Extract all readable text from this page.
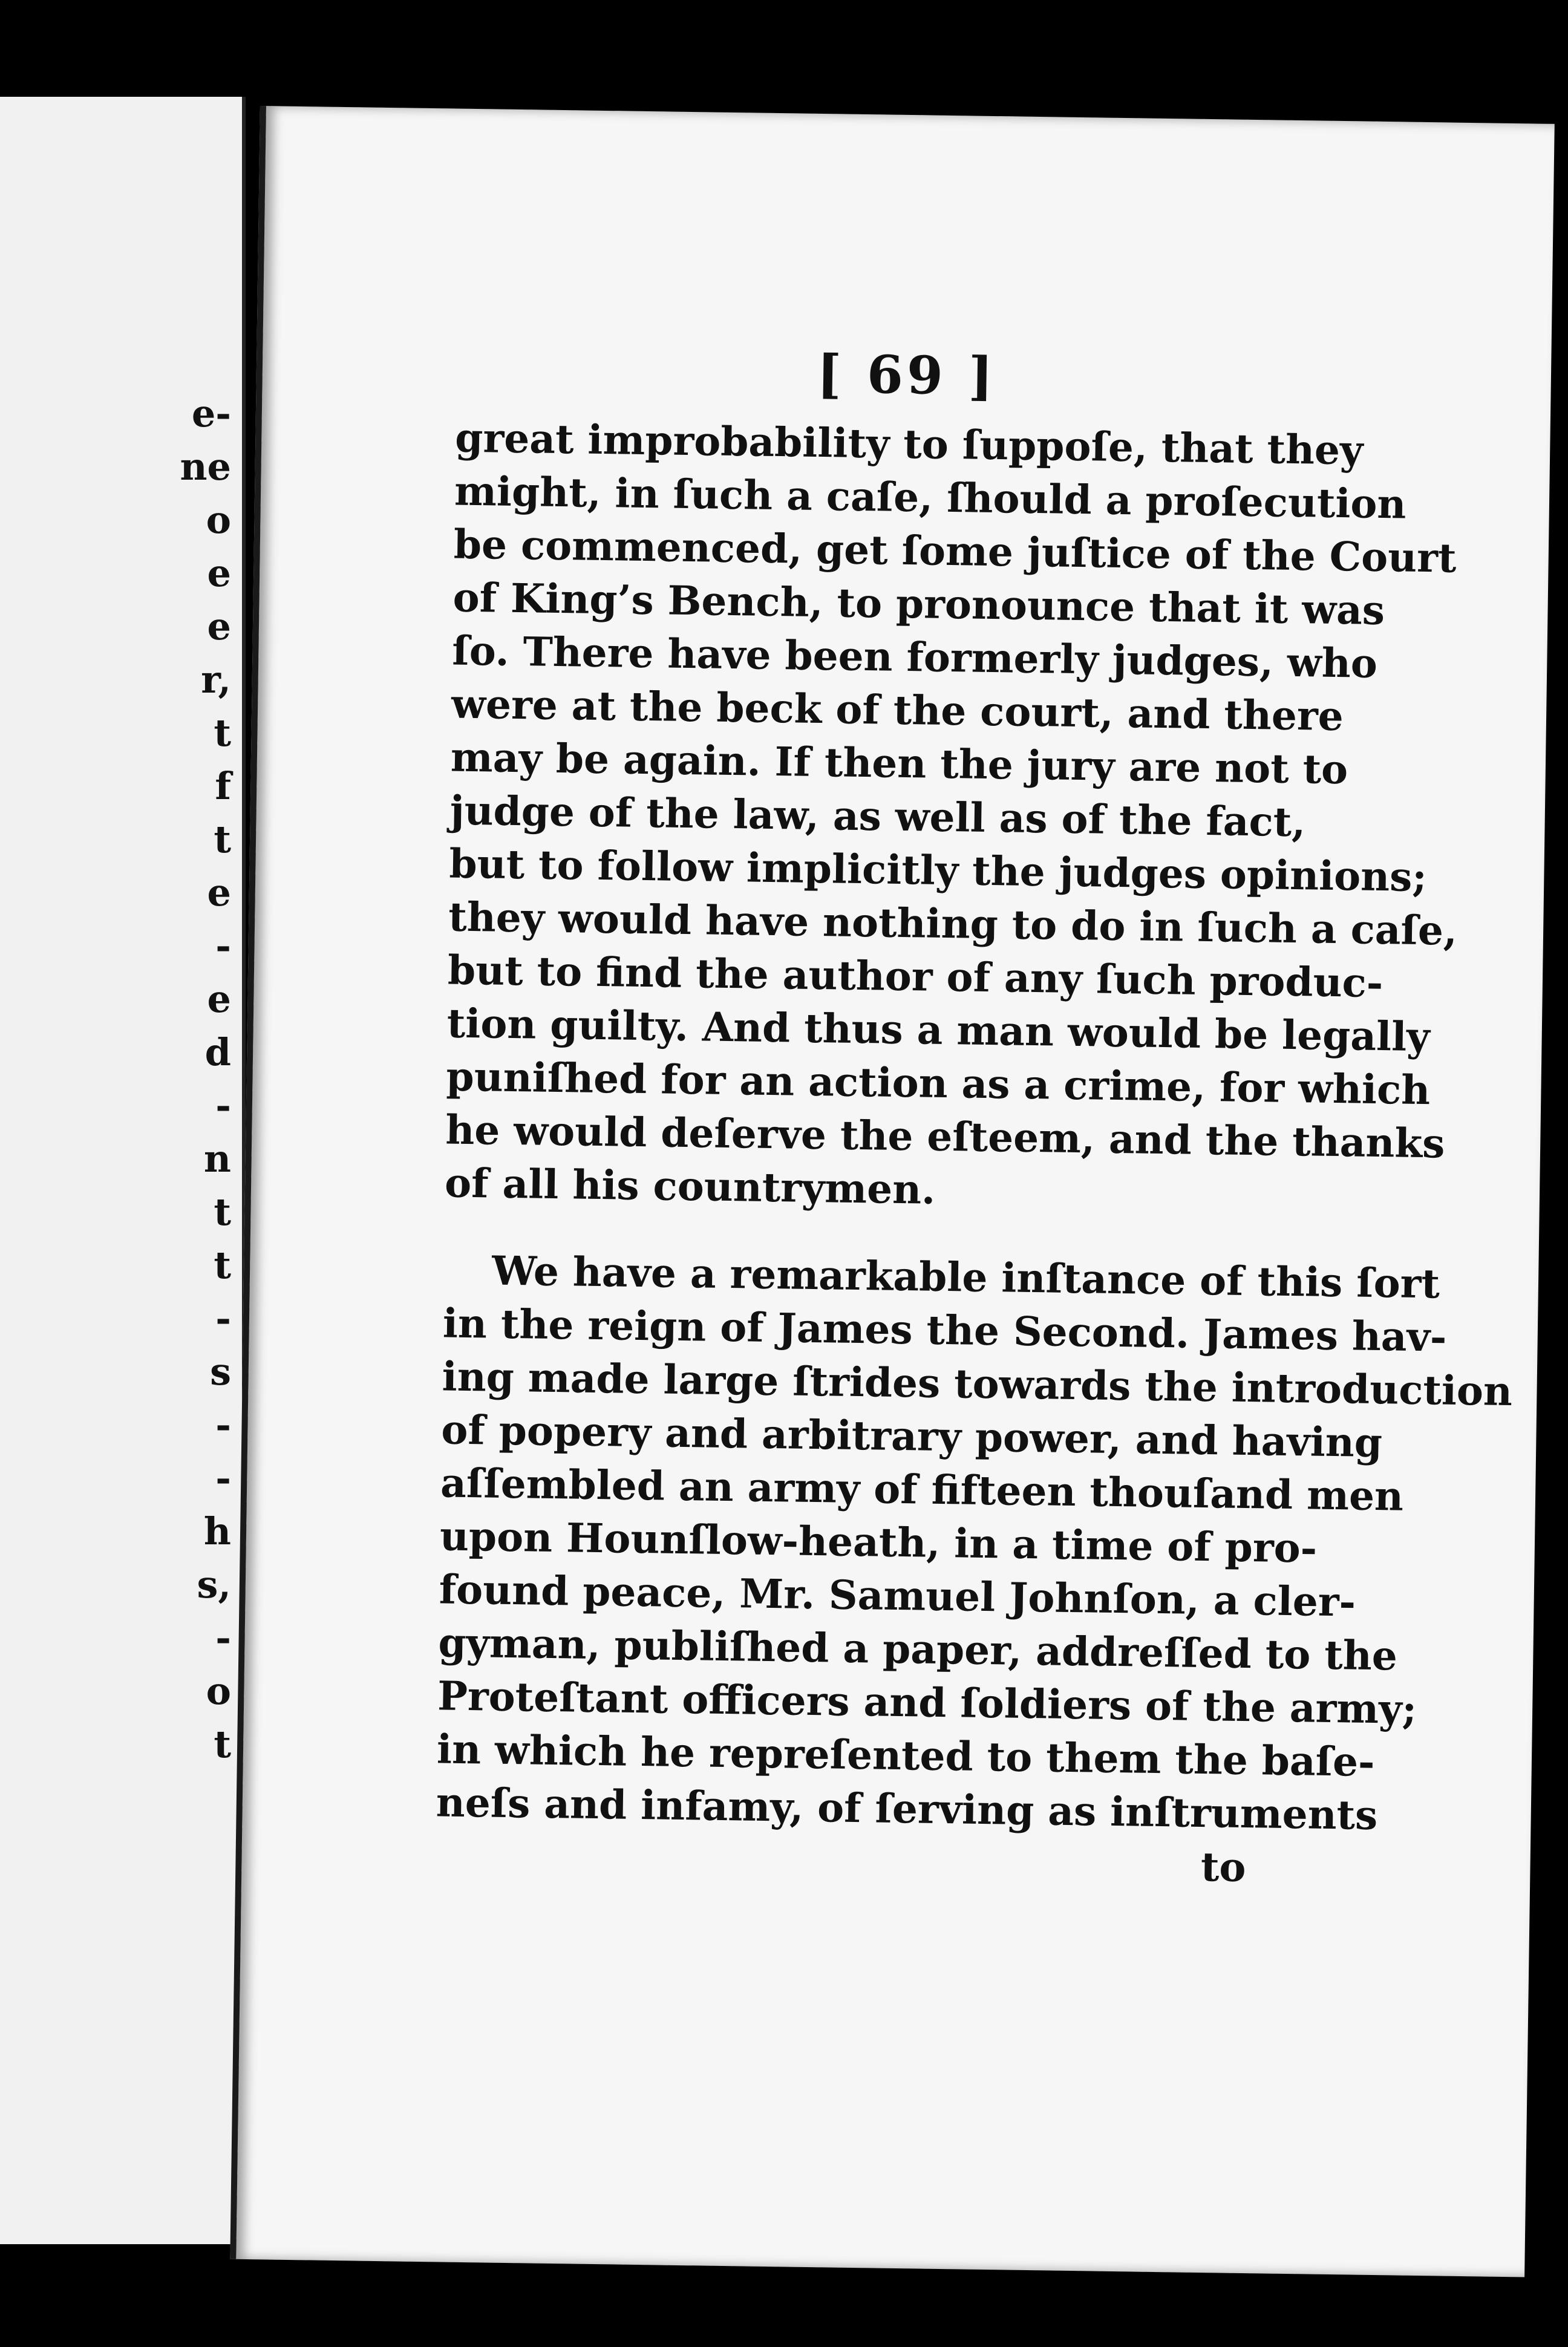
e-
ne
o
e
e
r,
t
f
t
e
-
e
d
-
n
t
t
-
s
-
-
h
s,
-
o
t
[ 69 ]

great improbability to ſuppoſe, that they
might, in ſuch a caſe, ſhould a proſecution
be commenced, get ſome juſtice of the Court
of King’s Bench, to pronounce that it was
ſo. There have been formerly judges, who
were at the beck of the court, and there
may be again. If then the jury are not to
judge of the law, as well as of the fact,
but to follow implicitly the judges opinions;
they would have nothing to do in ſuch a caſe,
but to find the author of any ſuch produc-
tion guilty. And thus a man would be legally
puniſhed for an action as a crime, for which
he would deſerve the eſteem, and the thanks
of all his countrymen.

We have a remarkable inſtance of this ſort
in the reign of James the Second. James hav-
ing made large ſtrides towards the introduction
of popery and arbitrary power, and having
aſſembled an army of fifteen thouſand men
upon Hounſlow-heath, in a time of pro-
found peace, Mr. Samuel Johnſon, a cler-
gyman, publiſhed a paper, addreſſed to the
Proteſtant officers and ſoldiers of the army;
in which he repreſented to them the baſe-
neſs and infamy, of ſerving as inſtruments

to
